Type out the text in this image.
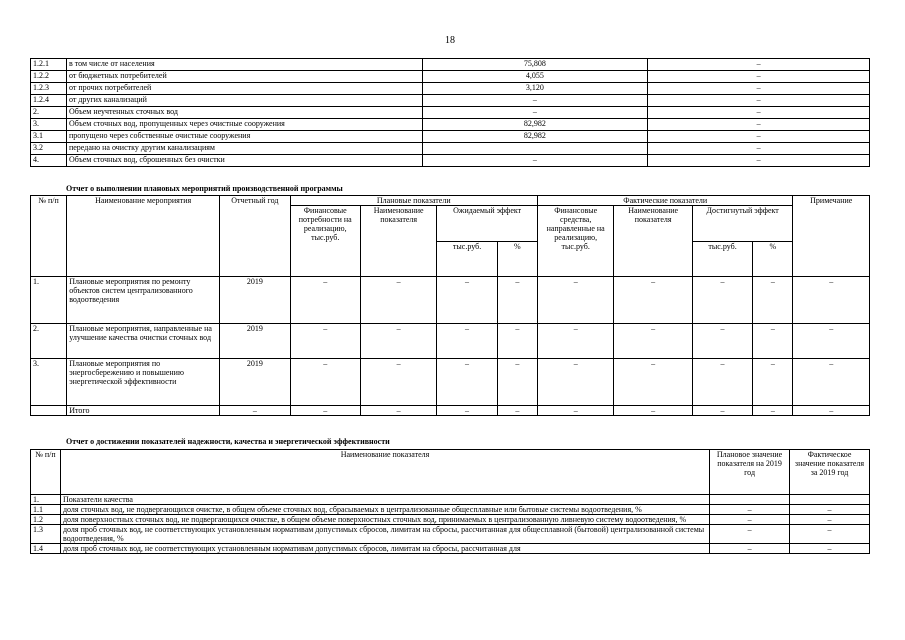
18
1.2.1	в том числе от населения	75,808	–
1.2.2	от бюджетных потребителей	4,055	–
1.2.3	от прочих потребителей	3,120	–
1.2.4	от других канализаций	–	–
2.	Объем неучтенных сточных вод	–	–
3.	Объем сточных вод, пропущенных через очистные сооружения	82,982	–
3.1	пропущено через собственные очистные сооружения	82,982	–
3.2	передано на очистку другим канализациям		–
4.	Объем сточных вод, сброшенных без очистки	–	–
Отчет о выполнении плановых мероприятий производственной программы
№ п/п	Наименование мероприятия	Отчетный год	Плановые показатели				Фактические показатели				Примечание
			Финансовые потребности на реализацию, тыс.руб.	Наименование показателя	Ожидаемый эффект		Финансовые средства, направленные на реализацию, тыс.руб.	Наименование показателя	Достигнутый эффект		
					тыс.руб.	%			тыс.руб.	%	
1.	Плановые мероприятия по ремонту объектов систем централизованного водоотведения	2019	–	–	–	–	–	–	–	–	–
2.	Плановые мероприятия, направленные на улучшение качества очистки сточных вод	2019	–	–	–	–	–	–	–	–	–
3.	Плановые мероприятия по энергосбережению и повышению энергетической эффективности	2019	–	–	–	–	–	–	–	–	–
	Итого	–	–	–	–	–	–	–	–	–	–
Отчет о достижении показателей надежности, качества и энергетической эффективности
№ п/п	Наименование показателя	Плановое значение показателя на 2019 год	Фактическое значение показателя за 2019 год
1.	Показатели качества		
1.1	доля сточных вод, не подвергающихся очистке, в общем объеме сточных вод, сбрасываемых в централизованные общесплавные или бытовые системы водоотведения, %	–	–
1.2	доля поверхностных сточных вод, не подвергающихся очистке, в общем объеме поверхностных сточных вод, принимаемых в централизованную ливневую систему водоотведения, %	–	–
1.3	доля проб сточных вод, не соответствующих установленным нормативам допустимых сбросов, лимитам на сбросы, рассчитанная для общесплавной (бытовой) централизованной системы водоотведения, %	–	–
1.4	доля проб сточных вод, не соответствующих установленным нормативам допустимых сбросов, лимитам на сбросы, рассчитанная для	–	–
